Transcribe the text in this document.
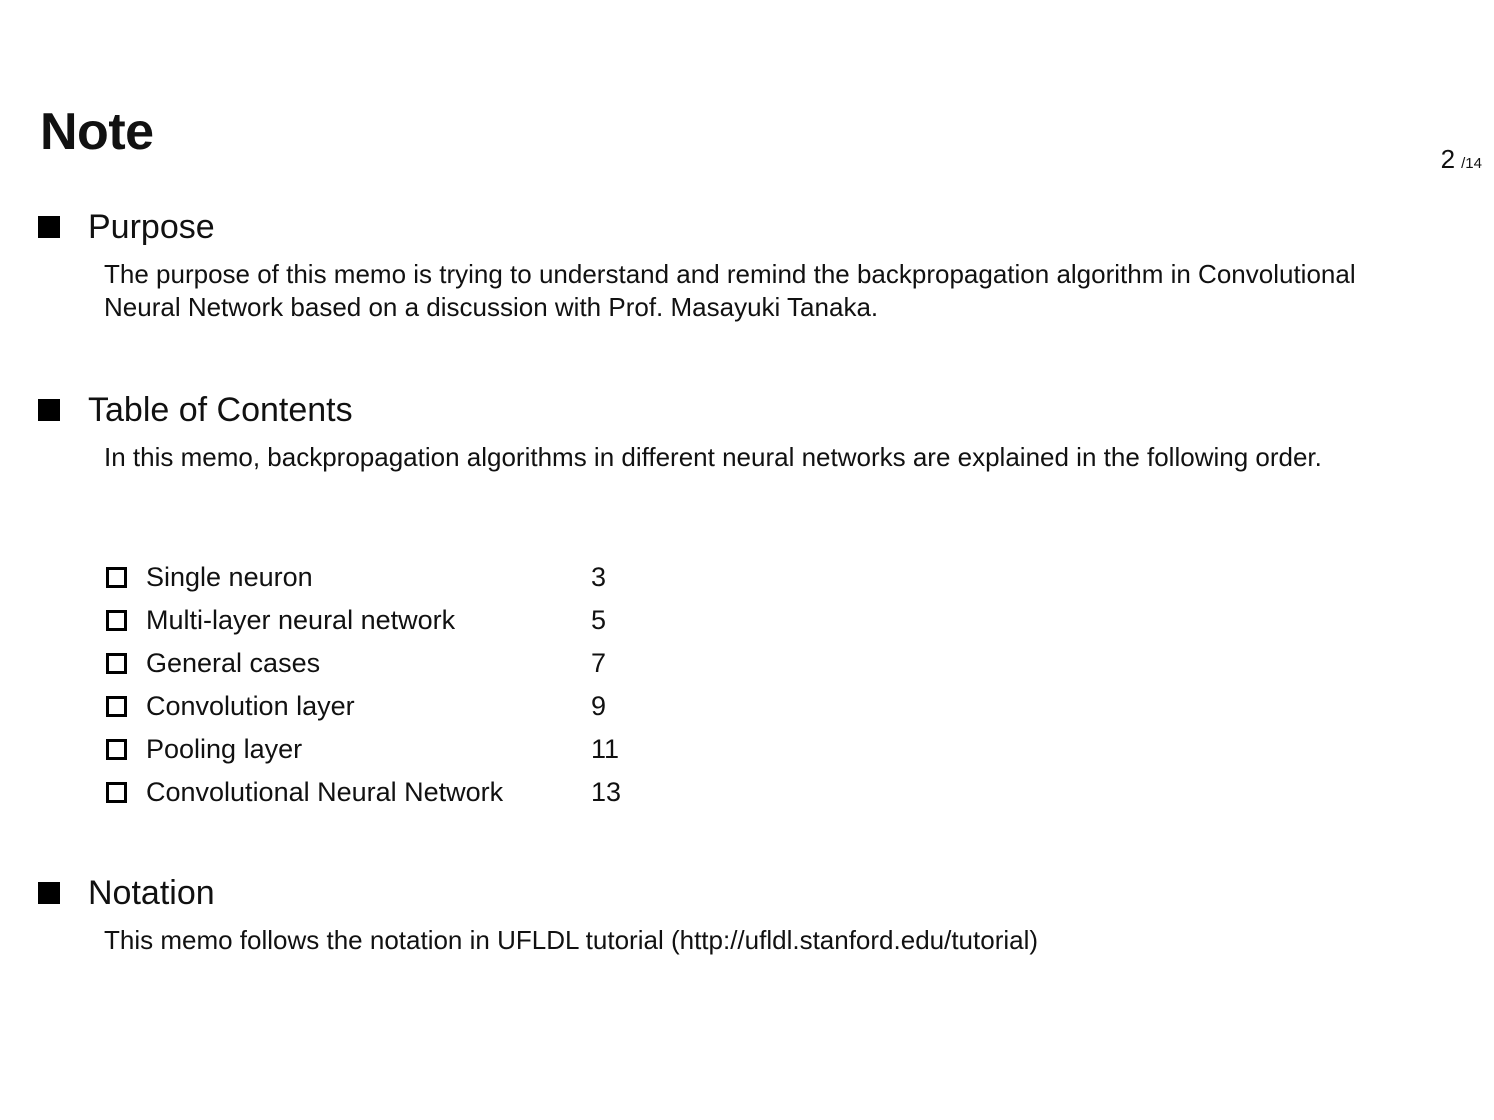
Note	2 /14
Purpose
The purpose of this memo is trying to understand and remind the backpropagation algorithm in Convolutional Neural Network based on a discussion with Prof. Masayuki Tanaka.
Table of Contents
In this memo, backpropagation algorithms in different neural networks are explained in the following order.
Single neuron	3
Multi-layer neural network	5
General cases	7
Convolution layer	9
Pooling layer	11
Convolutional Neural Network	13
Notation
This memo follows the notation in UFLDL tutorial (http://ufldl.stanford.edu/tutorial)
